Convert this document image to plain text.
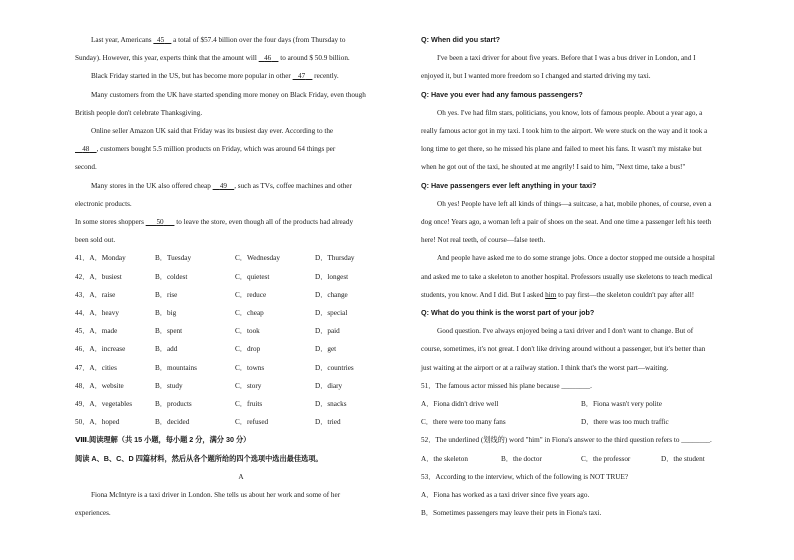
Last year, Americans   45     a total of $57.4 billion over the four days (from Thursday to

Sunday). However, this year, experts think that the amount will    46     to around $ 50.9 billion.

Black Friday started in the US, but has become more popular in other    47     recently.

Many customers from the UK have started spending more money on Black Friday, even though

British people don't celebrate Thanksgiving.

Online seller Amazon UK said that Friday was its busiest day ever. According to the

48 , customers bought 5.5 million products on Friday, which was around 64 things per

second.

Many stores in the UK also offered cheap     49 , such as TVs, coffee machines and other

electronic products.

In some stores shoppers       50       to leave the store, even though all of the products had already

been sold out.

41．A．Monday	B．Tuesday	C．Wednesday	D．Thursday
42．A．busiest	B．coldest	C．quietest	D．longest
43．A．raise	B．rise	C．reduce	D．change
44．A．heavy	B．big	C．cheap	D．special
45．A．made	B．spent	C．took	D．paid
46．A．increase	B．add	C．drop	D．get
47．A．cities	B．mountains	C．towns	D．countries
48．A．website	B．study	C．story	D．diary
49．A．vegetables	B．products	C．fruits	D．snacks
50．A．hoped	B．decided	C．refused	D．tried

Ⅷ.阅读理解（共 15 小题，每小题 2 分，满分 30 分）

阅读 A、B、C、D 四篇材料，然后从各个题所给的四个选项中选出最佳选项。

A

Fiona McIntyre is a taxi driver in London. She tells us about her work and some of her

experiences.

Q: When did you start?

I've been a taxi driver for about five years. Before that I was a bus driver in London, and I

enjoyed it, but I wanted more freedom so I changed and started driving my taxi.

Q: Have you ever had any famous passengers?

Oh yes. I've had film stars, politicians, you know, lots of famous people. About a year ago, a

really famous actor got in my taxi. I took him to the airport. We were stuck on the way and it took a

long time to get there, so he missed his plane and failed to meet his fans. It wasn't my mistake but

when he got out of the taxi, he shouted at me angrily! I said to him, "Next time, take a bus!"

Q: Have passengers ever left anything in your taxi?

Oh yes! People have left all kinds of things—a suitcase, a hat, mobile phones, of course, even a

dog once! Years ago, a woman left a pair of shoes on the seat. And one time a passenger left his teeth

here! Not real teeth, of course—false teeth.

And people have asked me to do some strange jobs. Once a doctor stopped me outside a hospital

and asked me to take a skeleton to another hospital. Professors usually use skeletons to teach medical

students, you know. And I did. But I asked him to pay first—the skeleton couldn't pay after all!

Q: What do you think is the worst part of your job?

Good question. I've always enjoyed being a taxi driver and I don't want to change. But of

course, sometimes, it's not great. I don't like driving around without a passenger, but it's better than

just waiting at the airport or at a railway station. I think that's the worst part—waiting.

51．The famous actor missed his plane because ________.

A．Fiona didn't drive well	B．Fiona wasn't very polite
C．there were too many fans	D．there was too much traffic

52．The underlined (划线的) word "him" in Fiona's answer to the third question refers to ________.

A．the skeleton	B．the doctor	C．the professor	D．the student

53．According to the interview, which of the following is NOT TRUE?

A．Fiona has worked as a taxi driver since five years ago.

B．Sometimes passengers may leave their pets in Fiona's taxi.
